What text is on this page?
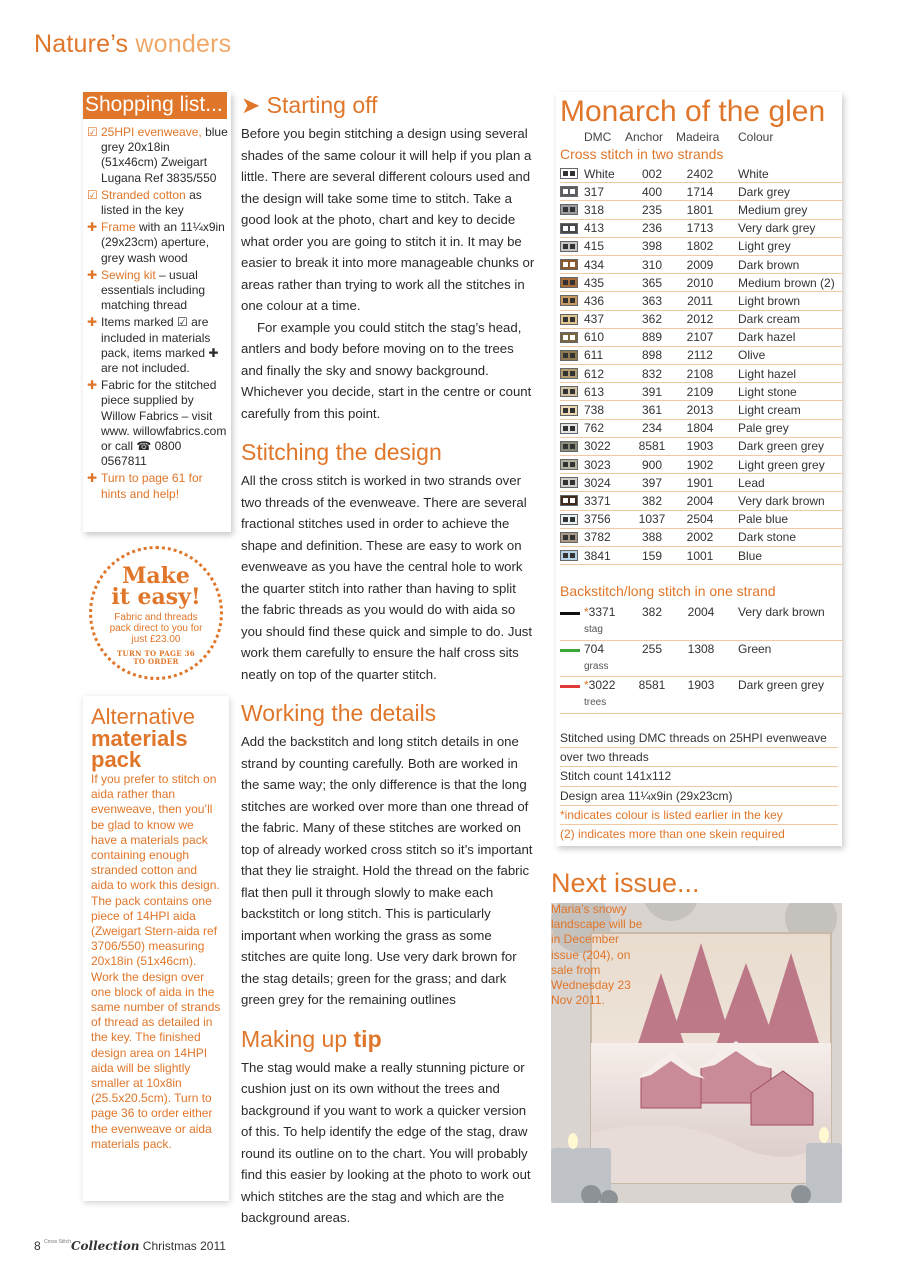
Nature’s wonders
Shopping list...
☑ 25HPI evenweave, blue grey 20x18in (51x46cm) Zweigart Lugana Ref 3835/550
☑ Stranded cotton as listed in the key
✚ Frame with an 11¼x9in (29x23cm) aperture, grey wash wood
✚ Sewing kit – usual essentials including matching thread
✚ Items marked ☑ are included in materials pack, items marked ✚ are not included.
✚ Fabric for the stitched piece supplied by Willow Fabrics – visit www. willowfabrics.com or call ☎ 0800 0567811
✚ Turn to page 61 for hints and help!
Make
it easy!
Fabric and threads pack direct to you for just £23.00
TURN TO PAGE 36
TO ORDER
Alternative
materials
pack
If you prefer to stitch on aida rather than evenweave, then you’ll be glad to know we have a materials pack containing enough stranded cotton and aida to work this design. The pack contains one piece of 14HPI aida (Zweigart Stern-aida ref 3706/550) measuring 20x18in (51x46cm). Work the design over one block of aida in the same number of strands of thread as detailed in the key. The finished design area on 14HPI aida will be slightly smaller at 10x8in (25.5x20.5cm). Turn to page 36 to order either the evenweave or aida materials pack.
➤ Starting off

Before you begin stitching a design using several shades of the same colour it will help if you plan a little. There are several different colours used and the design will take some time to stitch. Take a good look at the photo, chart and key to decide what order you are going to stitch it in. It may be easier to break it into more manageable chunks or areas rather than trying to work all the stitches in one colour at a time.

For example you could stitch the stag’s head, antlers and body before moving on to the trees and finally the sky and snowy background. Whichever you decide, start in the centre or count carefully from this point.

Stitching the design

All the cross stitch is worked in two strands over two threads of the evenweave. There are several fractional stitches used in order to achieve the shape and definition. These are easy to work on evenweave as you have the central hole to work the quarter stitch into rather than having to split the fabric threads as you would do with aida so you should find these quick and simple to do. Just work them carefully to ensure the half cross sits neatly on top of the quarter stitch.

Working the details

Add the backstitch and long stitch details in one strand by counting carefully. Both are worked in the same way; the only difference is that the long stitches are worked over more than one thread of the fabric. Many of these stitches are worked on top of already worked cross stitch so it’s important that they lie straight. Hold the thread on the fabric flat then pull it through slowly to make each backstitch or long stitch. This is particularly important when working the grass as some stitches are quite long. Use very dark brown for the stag details; green for the grass; and dark green grey for the remaining outlines

Making up tip

The stag would make a really stunning picture or cushion just on its own without the trees and background if you want to work a quicker version of this. To help identify the edge of the stag, draw round its outline on to the chart. You will probably find this easier by looking at the photo to work out which stitches are the stag and which are the background areas.

Monarch of the glen
DMC Anchor Madeira Colour
Cross stitch in two strands
White	002	2402	White
317	400	1714	Dark grey
318	235	1801	Medium grey
413	236	1713	Very dark grey
415	398	1802	Light grey
434	310	2009	Dark brown
435	365	2010	Medium brown (2)
436	363	2011	Light brown
437	362	2012	Dark cream
610	889	2107	Dark hazel
611	898	2112	Olive
612	832	2108	Light hazel
613	391	2109	Light stone
738	361	2013	Light cream
762	234	1804	Pale grey
3022	8581	1903	Dark green grey
3023	900	1902	Light green grey
3024	397	1901	Lead
3371	382	2004	Very dark brown
3756	1037	2504	Pale blue
3782	388	2002	Dark stone
3841	159	1001	Blue
Backstitch/long stitch in one strand
*3371	382	2004	Very dark brown
stag
704	255	1308	Green
grass
*3022	8581	1903	Dark green grey
trees
Stitched using DMC threads on 25HPI evenweave
over two threads
Stitch count 141x112
Design area 11¼x9in (29x23cm)
*indicates colour is listed earlier in the key
(2) indicates more than one skein required
Next issue...
Maria’s snowy landscape will be in December issue (204), on sale from Wednesday 23 Nov 2011.
8 $^{Cross Stitch}$Collection Christmas 2011
